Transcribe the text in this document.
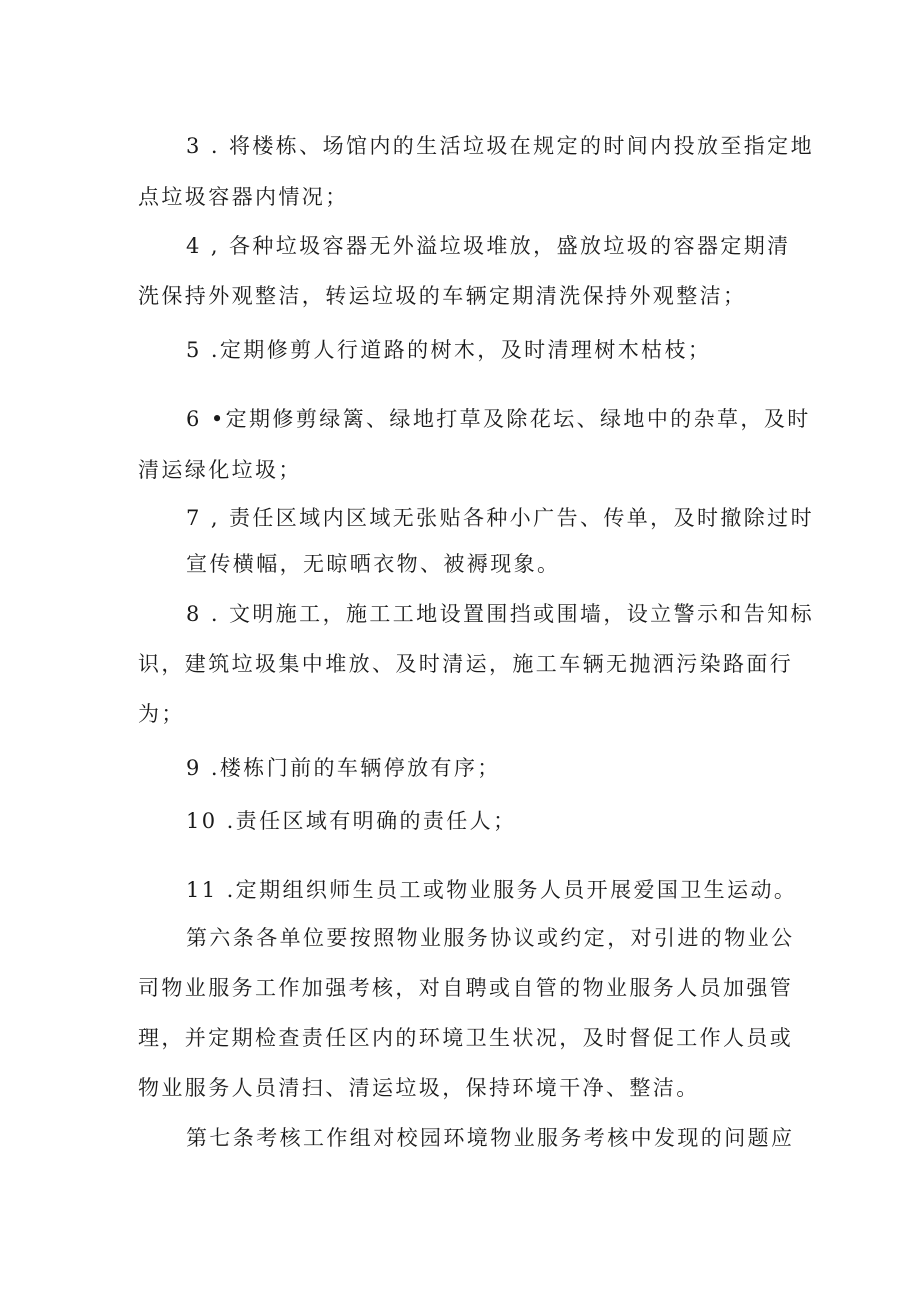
3 . 将楼栋、场馆内的生活垃圾在规定的时间内投放至指定地
点垃圾容器内情况；
4 , 各种垃圾容器无外溢垃圾堆放，盛放垃圾的容器定期清
洗保持外观整洁，转运垃圾的车辆定期清洗保持外观整洁；
5 .定期修剪人行道路的树木，及时清理树木枯枝；
6 •定期修剪绿篱、绿地打草及除花坛、绿地中的杂草，及时
清运绿化垃圾；
7 , 责任区域内区域无张贴各种小广告、传单，及时撤除过时
宣传横幅，无晾晒衣物、被褥现象。
8 . 文明施工，施工工地设置围挡或围墙，设立警示和告知标
识，建筑垃圾集中堆放、及时清运，施工车辆无抛洒污染路面行
为；
9 .楼栋门前的车辆停放有序；
10 .责任区域有明确的责任人；
11 .定期组织师生员工或物业服务人员开展爱国卫生运动。
第六条各单位要按照物业服务协议或约定，对引进的物业公
司物业服务工作加强考核，对自聘或自管的物业服务人员加强管
理，并定期检查责任区内的环境卫生状况，及时督促工作人员或
物业服务人员清扫、清运垃圾，保持环境干净、整洁。
第七条考核工作组对校园环境物业服务考核中发现的问题应
